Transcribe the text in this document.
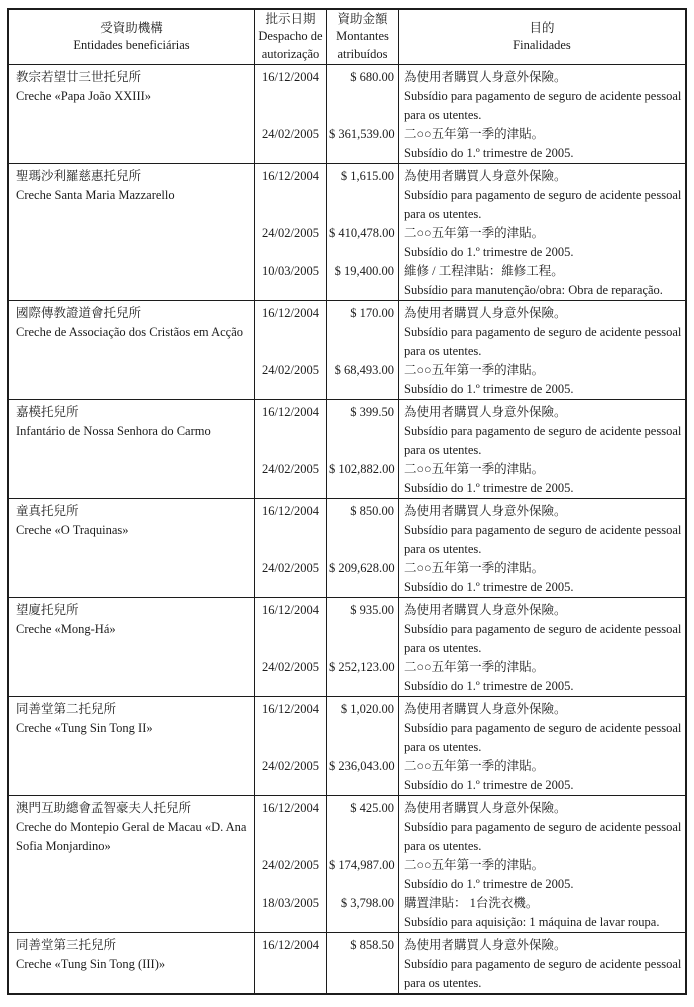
受資助機構
Entidades beneficiárias
批示日期
Despacho de autorização
資助金額
Montantes atribuídos
目的
Finalidades
教宗若望廿三世托兒所
Creche «Papa João XXIII»
16/12/2004	$ 680.00 為使用者購買人身意外保險。
Subsídio para pagamento de seguro de acidente pessoal para os utentes.
24/02/2005 $ 361,539.00 二○○五年第一季的津貼。
Subsídio do 1.º trimestre de 2005.
聖瑪沙利羅慈惠托兒所
Creche Santa Maria Mazzarello
16/12/2004	$ 1,615.00 為使用者購買人身意外保險。
Subsídio para pagamento de seguro de acidente pessoal para os utentes.
24/02/2005 $ 410,478.00 二○○五年第一季的津貼。
Subsídio do 1.º trimestre de 2005.
10/03/2005	$ 19,400.00 維修 / 工程津貼：維修工程。
Subsídio para manutenção/obra: Obra de reparação.
國際傳教證道會托兒所
Creche de Associação dos Cristãos em Acção
16/12/2004	$ 170.00 為使用者購買人身意外保險。
Subsídio para pagamento de seguro de acidente pessoal para os utentes.
24/02/2005	$ 68,493.00 二○○五年第一季的津貼。
Subsídio do 1.º trimestre de 2005.
嘉模托兒所
Infantário de Nossa Senhora do Carmo
16/12/2004	$ 399.50 為使用者購買人身意外保險。
Subsídio para pagamento de seguro de acidente pessoal para os utentes.
24/02/2005 $ 102,882.00 二○○五年第一季的津貼。
Subsídio do 1.º trimestre de 2005.
童真托兒所
Creche «O Traquinas»
16/12/2004	$ 850.00 為使用者購買人身意外保險。
Subsídio para pagamento de seguro de acidente pessoal para os utentes.
24/02/2005 $ 209,628.00 二○○五年第一季的津貼。
Subsídio do 1.º trimestre de 2005.
望廈托兒所
Creche «Mong-Há»
16/12/2004	$ 935.00 為使用者購買人身意外保險。
Subsídio para pagamento de seguro de acidente pessoal para os utentes.
24/02/2005 $ 252,123.00 二○○五年第一季的津貼。
Subsídio do 1.º trimestre de 2005.
同善堂第二托兒所
Creche «Tung Sin Tong II»
16/12/2004	$ 1,020.00 為使用者購買人身意外保險。
Subsídio para pagamento de seguro de acidente pessoal para os utentes.
24/02/2005 $ 236,043.00 二○○五年第一季的津貼。
Subsídio do 1.º trimestre de 2005.
澳門互助總會孟智豪夫人托兒所
Creche do Montepio Geral de Macau «D. Ana Sofia Monjardino»
16/12/2004	$ 425.00 為使用者購買人身意外保險。
Subsídio para pagamento de seguro de acidente pessoal para os utentes.
24/02/2005 $ 174,987.00 二○○五年第一季的津貼。
Subsídio do 1.º trimestre de 2005.
18/03/2005	$ 3,798.00 購置津貼： 1台洗衣機。
Subsídio para aquisição: 1 máquina de lavar roupa.
同善堂第三托兒所
Creche «Tung Sin Tong (III)»
16/12/2004	$ 858.50 為使用者購買人身意外保險。
Subsídio para pagamento de seguro de acidente pessoal para os utentes.
